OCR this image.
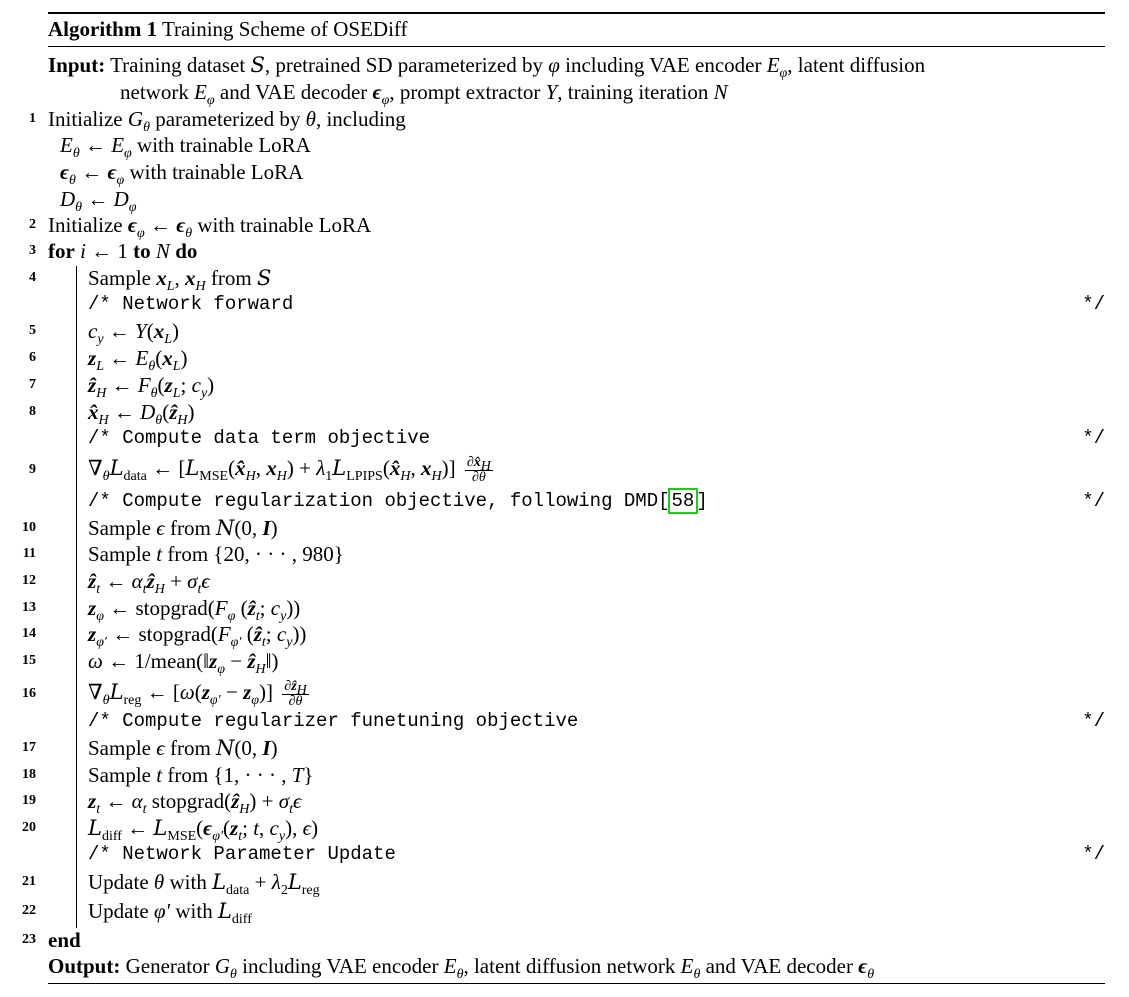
Algorithm 1 Training Scheme of OSEDiff
Input: Training dataset S, pretrained SD parameterized by φ including VAE encoder $E_\varphi$, latent diffusion
network $E_\varphi$ and VAE decoder $\epsilon_\varphi$, prompt extractor Y, training iteration N
1 Initialize $G_\theta$ parameterized by θ, including
$E_\theta$ ← $E_\varphi$ with trainable LoRA
$\epsilon_\theta$ ← $\epsilon_\varphi$ with trainable LoRA
$D_\theta$ ← $D_\varphi$
2 Initialize $\epsilon_\varphi$ ← $\epsilon_\theta$ with trainable LoRA
3 for i ← 1 to N do
4 Sample $x_L$, $x_H$ from S
/* Network forward	*/
5 $c_y$ ← $Y(x_L)$
6 $z_L$ ← $E_\theta(x_L)$
7 ẑ$_H$ ← $F_\theta(z_L$; $c_y$)
8 $x̂_H$ ← $D_\theta(ẑ_H)$
/* Compute data term objective	*/
9 $\nabla_\theta L_{data}$ ← [$L_{MSE}(x̂_H$, $x_H$) + $\lambda_1L_{LPIPS}(x̂_H$, $x_H)] \frac{\partial x̂_H}{\partial\theta}$
/* Compute regularization objective, following DMD[ 58 ]	*/
10 Sample ϵ from N(0, I)
11 Sample t from {20, · · · , 980}
12 ẑ$_t$ ← $\alpha_tẑ_H + \sigma_t\epsilon$
13 $z_\varphi$ ← $stopgrad(F_\varphi$ (ẑ$_t$; $c_y$))
14 $z_{\varphi'}$ ← $stopgrad(F_{\varphi'}$ (ẑ$_t$; $c_y$))
15 ω ← $1/mean(‖z_\varphi$ − ẑ$_H$‖)
16 $\nabla_\theta L_{reg}$ ← $[\omega(z_{\varphi'} - z_\varphi)] \frac{\partial ẑ_H}{\partial\theta}$
/* Compute regularizer funetuning objective	*/
17 Sample ϵ from N(0, I)
18 Sample t from {1, · · · , T}
19 $z_t$ ← $\alpha_t$ stopgrad(ẑ$_H$) + $\sigma_t\epsilon$
20 $L_{diff}$ ← $L_{MSE}(\epsilon_{\varphi'}(z_t$; t, $c_y$), ϵ)
/* Network Parameter Update	*/
21 Update θ with $L_{data} + \lambda_2L_{reg}$
22 Update φ′ with $L_{diff}$
23 end
Output: Generator $G_\theta$ including VAE encoder $E_\theta$, latent diffusion network $E_\theta$ and VAE decoder $\epsilon_\theta$
